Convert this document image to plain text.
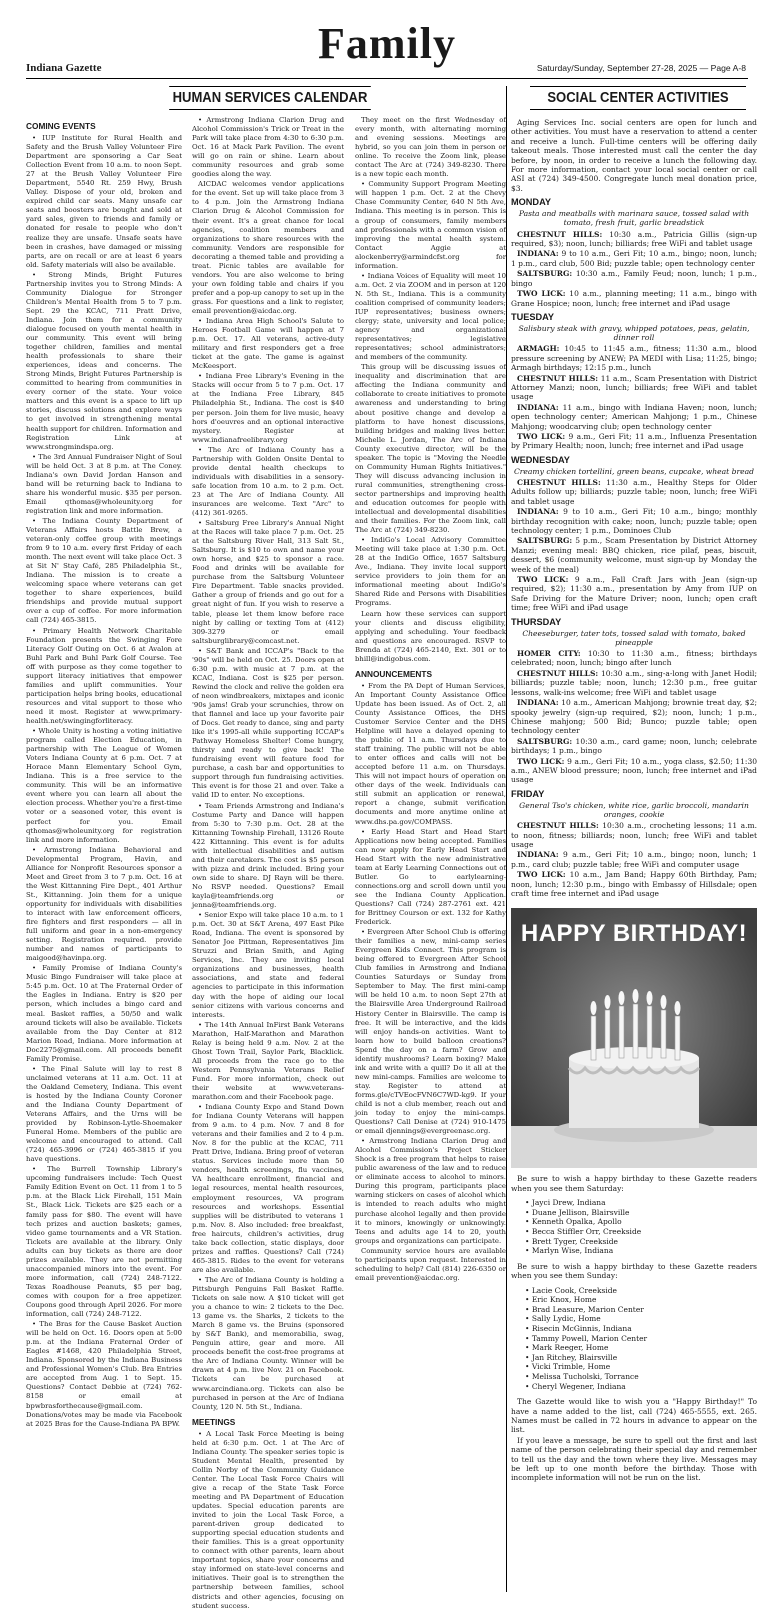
Family
Indiana Gazette	Saturday/Sunday, September 27-28, 2025 — Page A-8
HUMAN SERVICES CALENDAR	SOCIAL CENTER ACTIVITIES
COMING EVENTS

• IUP Institute for Rural Health and Safety and the Brush Valley Volunteer Fire Department are sponsoring a Car Seat Collection Event from 10 a.m. to noon Sept. 27 at the Brush Valley Volunteer Fire Department, 5540 Rt. 259 Hwy, Brush Valley. Dispose of your old, broken and expired child car seats. Many unsafe car seats and boosters are bought and sold at yard sales, given to friends and family or donated for resale to people who don't realize they are unsafe. Unsafe seats have been in crashes, have damaged or missing parts, are on recall or are at least 6 years old. Safety materials will also be available.

• Strong Minds, Bright Futures Partnership invites you to Strong Minds: A Community Dialogue for Stronger Children's Mental Health from 5 to 7 p.m. Sept. 29 the KCAC, 711 Pratt Drive, Indiana. Join them for a community dialogue focused on youth mental health in our community. This event will bring together children, families and mental health professionals to share their experiences, ideas and concerns. The Strong Minds, Bright Futures Partnership is committed to hearing from communities in every corner of the state. Your voice matters and this event is a space to lift up stories, discuss solutions and explore ways to get involved in strengthening mental health support for children. Information and Registration Link at www.strongmindspa.org.

• The 3rd Annual Fundraiser Night of Soul will be held Oct. 3 at 8 p.m. at The Coney. Indiana's own David Jordan Hanson and band will be returning back to Indiana to share his wonderful music. $35 per person. Email qthomas@wholeunity.org for registration link and more information.

• The Indiana County Department of Veterans Affairs hosts Battle Brew, a veteran-only coffee group with meetings from 9 to 10 a.m. every first Friday of each month. The next event will take place Oct. 3 at Sit N' Stay Café, 285 Philadelphia St., Indiana. The mission is to create a welcoming space where veterans can get together to share experiences, build friendships and provide mutual support over a cup of coffee. For more information call (724) 465-3815.

• Primary Health Network Charitable Foundation presents the Swinging Fore Literacy Golf Outing on Oct. 6 at Avalon at Buhl Park and Buhl Park Golf Course. Tee off with purpose as they come together to support literacy initiatives that empower families and uplift communities. Your participation helps bring books, educational resources and vital support to those who need it most. Register at www.primary-health.net/swingingforliteracy.

• Whole Unity is hosting a voting initiative program called Election Education, in partnership with The League of Women Voters Indiana County at 6 p.m. Oct. 7 at Horace Mann Elementary School Gym, Indiana. This is a free service to the community. This will be an informative event where you can learn all about the election process. Whether you're a first-time voter or a seasoned voter, this event is perfect for you. Email qthomas@wholeunity.org for registration link and more information.

• Armstrong Indiana Behavioral and Developmental Program, Havin, and Alliance for Nonprofit Resources sponsor a Meet and Greet from 3 to 7 p.m. Oct. 16 at the West Kittanning Fire Dept., 401 Arthur St., Kittanning. Join them for a unique opportunity for individuals with disabilities to interact with law enforcement officers, fire fighters and first responders — all in full uniform and gear in a non-emergency setting. Registration required. provide number and names of participants to maigood@havinpa.org.

• Family Promise of Indiana County's Music Bingo Fundraiser will take place at 5:45 p.m. Oct. 10 at The Fraternal Order of the Eagles in Indiana. Entry is $20 per person, which includes a bingo card and meal. Basket raffles, a 50/50 and walk around tickets will also be available. Tickets available from the Day Center at 812 Marion Road, Indiana. More information at Doc2275@gmail.com. All proceeds benefit Family Promise.

• The Final Salute will lay to rest 8 unclaimed veterans at 11 a.m. Oct. 11 at the Oakland Cemetery, Indiana. This event is hosted by the Indiana County Coroner and the Indiana County Department of Veterans Affairs, and the Urns will be provided by Robinson-Lytle-Shoemaker Funeral Home. Members of the public are welcome and encouraged to attend. Call (724) 465-3996 or (724) 465-3815 if you have questions.

• The Burrell Township Library's upcoming fundraisers include: Tech Quest Family Edition Event on Oct. 11 from 1 to 5 p.m. at the Black Lick Firehall, 151 Main St., Black Lick. Tickets are $25 each or a family pass for $80. The event will have tech prizes and auction baskets; games, video game tournaments and a VR Station. Tickets are available at the library. Only adults can buy tickets as there are door prizes available. They are not permitting unaccompanied minors into the event. For more information, call (724) 248-7122. Texas Roadhouse Peanuts, $5 per bag, comes with coupon for a free appetizer. Coupons good through April 2026. For more information, call (724) 248-7122.

• The Bras for the Cause Basket Auction will be held on Oct. 16. Doors open at 5:00 p.m. at the Indiana Fraternal Order of Eagles #1468, 420 Philadelphia Street, Indiana. Sponsored by the Indiana Business and Professional Women's Club. Bra Entries are accepted from Aug. 1 to Sept. 15. Questions? Contact Debbie at (724) 762-8158 or email at bpwbrasforthecause@gmail.com. Donations/votes may be made via Facebook at 2025 Bras for the Cause-Indiana PA BPW.

• Armstrong Indiana Clarion Drug and Alcohol Commission's Trick or Treat in the Park will take place from 4:30 to 6:30 p.m. Oct. 16 at Mack Park Pavilion. The event will go on rain or shine. Learn about community resources and grab some goodies along the way.

AICDAC welcomes vendor applications for the event. Set up will take place from 3 to 4 p.m. Join the Armstrong Indiana Clarion Drug & Alcohol Commission for their event. It's a great chance for local agencies, coalition members and organizations to share resources with the community. Vendors are responsible for decorating a themed table and providing a treat. Picnic tables are available for vendors. You are also welcome to bring your own folding table and chairs if you prefer and a pop-up canopy to set up in the grass. For questions and a link to register, email prevention@aicdac.org.

• Indiana Area High School's Salute to Heroes Football Game will happen at 7 p.m. Oct. 17. All veterans, active-duty military and first responders get a free ticket at the gate. The game is against McKeesport.

• Indiana Free Library's Evening in the Stacks will occur from 5 to 7 p.m. Oct. 17 at the Indiana Free Library, 845 Philadelphia St., Indiana. The cost is $40 per person. Join them for live music, heavy hors d'oeuvres and an optional interactive mystery. Register at www.indianafreelibrary.org

• The Arc of Indiana County has a Partnership with Golden Onsite Dental to provide dental health checkups to individuals with disabilities in a sensory-safe location from 10 a.m. to 2 p.m. Oct. 23 at The Arc of Indiana County. All insurances are welcome. Text "Arc" to (412) 361-9265.

• Saltsburg Free Library's Annual Night at the Races will take place 7 p.m. Oct. 25 at the Saltsburg River Hall, 313 Salt St., Saltsburg. It is $10 to own and name your own horse, and $25 to sponsor a race. Food and drinks will be available for purchase from the Saltsburg Volunteer Fire Department. Table snacks provided. Gather a group of friends and go out for a great night of fun. If you wish to reserve a table, please let them know before race night by calling or texting Tom at (412) 309-3279 or email saltsburglibrary@comcast.net.

• S&T Bank and ICCAP's "Back to the '90s" will be held on Oct. 25. Doors open at 6:30 p.m. with music at 7 p.m. at the KCAC, Indiana. Cost is $25 per person. Rewind the clock and relive the golden era of neon windbreakers, mixtapes and iconic '90s jams! Grab your scrunchies, throw on that flannel and lace up your favorite pair of Docs. Get ready to dance, sing and party like it's 1995-all while supporting ICCAP's Pathway Homeless Shelter! Come hungry, thirsty and ready to give back! The fundraising event will feature food for purchase, a cash bar and opportunities to support through fun fundraising activities. This event is for those 21 and over. Take a valid ID to enter. No exceptions.

• Team Friends Armstrong and Indiana's Costume Party and Dance will happen from 5:30 to 7:30 p.m. Oct. 28 at the Kittanning Township Firehall, 13126 Route 422 Kittanning. This event is for adults with intellectual disabilities and autism and their caretakers. The cost is $5 person with pizza and drink included. Bring your own side to share. DJ Rayn will be there. No RSVP needed. Questions? Email kayla@teamfriends.org or jenna@teamfriends.org.

• Senior Expo will take place 10 a.m. to 1 p.m. Oct. 30 at S&T Arena, 497 East Pike Road, Indiana. The event is sponsored by Senator Joe Pittman, Representatives Jim Struzzi and Brian Smith, and Aging Services, Inc. They are inviting local organizations and businesses, health associations, and state and federal agencies to participate in this information day with the hope of aiding our local senior citizens with various concerns and interests.

• The 14th Annual InFirst Bank Veterans Marathon, Half-Marathon and Marathon Relay is being held 9 a.m. Nov. 2 at the Ghost Town Trail, Saylor Park, Blacklick. All proceeds from the race go to the Western Pennsylvania Veterans Relief Fund. For more information, check out their website at www.veterans-marathon.com and their Facebook page.

• Indiana County Expo and Stand Down for Indiana County Veterans will happen from 9 a.m. to 4 p.m. Nov. 7 and 8 for veterans and their families and 2 to 4 p.m. Nov. 8 for the public at the KCAC, 711 Pratt Drive, Indiana. Bring proof of veteran status. Services include more than 50 vendors, health screenings, flu vaccines, VA healthcare enrollment, financial and legal resources, mental health resources, employment resources, VA program resources and workshops. Essential supplies will be distributed to veterans 1 p.m. Nov. 8. Also included: free breakfast, free haircuts, children's activities, drug take back collection, static displays, door prizes and raffles. Questions? Call (724) 465-3815. Rides to the event for veterans are also available.

• The Arc of Indiana County is holding a Pittsburgh Penguins Fall Basket Raffle. Tickets on sale now. A $10 ticket will get you a chance to win: 2 tickets to the Dec. 13 game vs. the Sharks, 2 tickets to the March 8 game vs. the Bruins (sponsored by S&T Bank), and memorabilia, swag, Penguin attire, gear and more. All proceeds benefit the cost-free programs at the Arc of Indiana County. Winner will be drawn at 4 p.m. live Nov. 21 on Facebook. Tickets can be purchased at www.arcindiana.org. Tickets can also be purchased in person at the Arc of Indiana County, 120 N. 5th St., Indiana.

MEETINGS

• A Local Task Force Meeting is being held at 6:30 p.m. Oct. 1 at The Arc of Indiana County. The speaker series topic is Student Mental Health, presented by Collin Norby of the Community Guidance Center. The Local Task Force Chairs will give a recap of the State Task Force meeting and PA Department of Education updates. Special education parents are invited to join the Local Task Force, a parent-driven group dedicated to supporting special education students and their families. This is a great opportunity to connect with other parents, learn about important topics, share your concerns and stay informed on state-level concerns and initiatives. Their goal is to strengthen the partnership between families, school districts and other agencies, focusing on student success.

They meet on the first Wednesday of every month, with alternating morning and evening sessions. Meetings are hybrid, so you can join them in person or online. To receive the Zoom link, please contact The Arc at (724) 349-8230. There is a new topic each month.

• Community Support Program Meeting will happen 1 p.m. Oct. 2 at the Chevy Chase Community Center, 640 N 5th Ave, Indiana. This meeting is in person. This is a group of consumers, family members and professionals with a common vision of improving the mental health system. Contact Aggie at alockenberry@armindcfst.org for information.

• Indiana Voices of Equality will meet 10 a.m. Oct. 2 via ZOOM and in person at 120 N. 5th St., Indiana. This is a community coalition comprised of community leaders; IUP representatives; business owners; clergy; state, university and local police; agency and organizational representatives; legislative representatives; school administrators; and members of the community.

This group will be discussing issues of inequality and discrimination that are affecting the Indiana community and collaborate to create initiatives to promote awareness and understanding to bring about positive change and develop a platform to have honest discussions, building bridges and making lives better. Michelle L. Jordan, The Arc of Indiana County executive director, will be the speaker. The topic is "Moving the Needle on Community Human Rights Initiatives." They will discuss advancing inclusion in rural communities, strengthening cross-sector partnerships and improving health and education outcomes for people with intellectual and developmental disabilities and their families. For the Zoom link, call The Arc at (724) 349-8230.

• IndiGo's Local Advisory Committee Meeting will take place at 1:30 p.m. Oct. 28 at the IndiGo Office, 1657 Saltsburg Ave., Indiana. They invite local support service providers to join them for an informational meeting about IndiGo's Shared Ride and Persons with Disabilities Programs.

Learn how these services can support your clients and discuss eligibility, applying and scheduling. Your feedback and questions are encouraged. RSVP to Brenda at (724) 465-2140, Ext. 301 or to bhill@indigobus.com.

ANNOUNCEMENTS

• From the PA Dept of Human Services, An Important County Assistance Office Update has been issued. As of Oct. 2, all County Assistance Offices, the DHS Customer Service Center and the DHS Helpline will have a delayed opening to the public of 11 a.m. Thursdays due to staff training. The public will not be able to enter offices and calls will not be accepted before 11 a.m. on Thursdays. This will not impact hours of operation on other days of the week. Individuals can still submit an application or renewal, report a change, submit verification documents and more anytime online at www.dhs.pa.gov/COMPASS.

• Early Head Start and Head Start Applications now being accepted. Families can now apply for Early Head Start and Head Start with the new administrative team at Early Learning Connections out of Butler. Go to earlylearning-connections.org and scroll down until you see the Indiana County Application. Questions? Call (724) 287-2761 ext. 421 for Brittney Courson or ext. 132 for Kathy Frederick.

• Evergreen After School Club is offering their families a new, mini-camp series Evergreen Kids Connect. This program is being offered to Evergreen After School Club families in Armstrong and Indiana Counties Saturdays or Sunday from September to May. The first mini-camp will be held 10 a.m. to noon Sept 27th at the Blairsville Area Underground Railroad History Center in Blairsville. The camp is free. It will be interactive, and the kids will enjoy hands-on activities. Want to learn how to build balloon creations? Spend the day on a farm? Grow and identify mushrooms? Learn boxing? Make ink and write with a quill? Do it all at the new mini-camps. Families are welcome to stay. Register to attend at forms.gle/cTVEocFVN6C7WD-kg9. If your child is not a club member, reach out and join today to enjoy the mini-camps. Questions? Call Denise at (724) 910-1475 or email djennings@evergreenasc.org.

• Armstrong Indiana Clarion Drug and Alcohol Commission's Project Sticker Shock is a free program that helps to raise public awareness of the law and to reduce or eliminate access to alcohol to minors. During this program, participants place warning stickers on cases of alcohol which is intended to reach adults who might purchase alcohol legally and then provide it to minors, knowingly or unknowingly. Teens and adults age 14 to 20, youth groups and organizations can participate.

Community service hours are available to participants upon request. Interested in scheduling to help? Call (814) 226-6350 or email prevention@aicdac.org.

Aging Services Inc. social centers are open for lunch and other activities. You must have a reservation to attend a center and receive a lunch. Full-time centers will be offering daily takeout meals. Those interested must call the center the day before, by noon, in order to receive a lunch the following day. For more information, contact your local social center or call ASI at (724) 349-4500. Congregate lunch meal donation price, $3.

MONDAY
Pasta and meatballs with marinara sauce, tossed salad with tomato, fresh fruit, garlic breadstick

CHESTNUT HILLS: 10:30 a.m., Patricia Gillis (sign-up required, $3); noon, lunch; billiards; free WiFi and tablet usage

INDIANA: 9 to 10 a.m., Geri Fit; 10 a.m., bingo; noon, lunch; 1 p.m., card club, 500 Bid; puzzle table; open technology center

SALTSBURG: 10:30 a.m., Family Feud; noon, lunch; 1 p.m., bingo

TWO LICK: 10 a.m., planning meeting; 11 a.m., bingo with Grane Hospice; noon, lunch; free internet and iPad usage

TUESDAY
Salisbury steak with gravy, whipped potatoes, peas, gelatin, dinner roll

ARMAGH: 10:45 to 11:45 a.m., fitness; 11:30 a.m., blood pressure screening by ANEW; PA MEDI with Lisa; 11:25, bingo; Armagh birthdays; 12:15 p.m., lunch

CHESTNUT HILLS: 11 a.m., Scam Presentation with District Attorney Manzi; noon, lunch; billiards; free WiFi and tablet usage

INDIANA: 11 a.m., bingo with Indiana Haven; noon, lunch; open technology center; American Mahjong; 1 p.m., Chinese Mahjong; woodcarving club; open technology center

TWO LICK: 9 a.m., Geri Fit; 11 a.m., Influenza Presentation by Primary Health; noon, lunch; free internet and iPad usage

WEDNESDAY
Creamy chicken tortellini, green beans, cupcake, wheat bread

CHESTNUT HILLS: 11:30 a.m., Healthy Steps for Older Adults follow up; billiards; puzzle table; noon, lunch; free WiFi and tablet usage

INDIANA: 9 to 10 a.m., Geri Fit; 10 a.m., bingo; monthly birthday recognition with cake; noon, lunch; puzzle table; open technology center; 1 p.m., Dominoes Club

SALTSBURG: 5 p.m., Scam Presentation by District Attorney Manzi; evening meal: BBQ chicken, rice pilaf, peas, biscuit, dessert, $6 (community welcome, must sign-up by Monday the week of the meal)

TWO LICK: 9 a.m., Fall Craft Jars with Jean (sign-up required, $2); 11:30 a.m., presentation by Amy from IUP on Safe Driving for the Mature Driver; noon, lunch; open craft time; free WiFi and iPad usage

THURSDAY
Cheeseburger, tater tots, tossed salad with tomato, baked pineapple

HOMER CITY: 10:30 to 11:30 a.m., fitness; birthdays celebrated; noon, lunch; bingo after lunch

CHESTNUT HILLS: 10:30 a.m., sing-a-long with Janet Hodil; billiards; puzzle table; noon, lunch; 12:30 p.m., free guitar lessons, walk-ins welcome; free WiFi and tablet usage

INDIANA: 10 a.m., American Mahjong; brownie treat day, $2; spooky jewelry (sign-up required, $2); noon, lunch; 1 p.m., Chinese mahjong; 500 Bid; Bunco; puzzle table; open technology center

SALTSBURG: 10:30 a.m., card game; noon, lunch; celebrate birthdays; 1 p.m., bingo

TWO LICK: 9 a.m., Geri Fit; 10 a.m., yoga class, $2.50; 11:30 a.m., ANEW blood pressure; noon, lunch; free internet and iPad usage

FRIDAY
General Tso's chicken, white rice, garlic broccoli, mandarin oranges, cookie

CHESTNUT HILLS: 10:30 a.m., crocheting lessons; 11 a.m. to noon, fitness; billiards; noon, lunch; free WiFi and tablet usage

INDIANA: 9 a.m., Geri Fit; 10 a.m., bingo; noon, lunch; 1 p.m., card club; puzzle table; free WiFi and computer usage

TWO LICK: 10 a.m., Jam Band; Happy 60th Birthday, Pam; noon, lunch; 12:30 p.m., bingo with Embassy of Hillsdale; open craft time free internet and iPad usage

HAPPY BIRTHDAY!

Be sure to wish a happy birthday to these Gazette readers when you see them Saturday:

• Jayci Drew, Indiana
• Duane Jellison, Blairsville
• Kenneth Opalka, Apollo
• Becca Stiffler Orr, Creekside
• Brett Tyger, Creekside
• Marlyn Wise, Indiana

Be sure to wish a happy birthday to these Gazette readers when you see them Sunday:

• Lacie Cook, Creekside
• Eric Knox, Home
• Brad Leasure, Marion Center
• Sally Lydic, Home
• Risecin McGinnis, Indiana
• Tammy Powell, Marion Center
• Mark Reeger, Home
• Jan Ritchey, Blairsville
• Vicki Trimble, Home
• Melissa Tucholski, Torrance
• Cheryl Wegener, Indiana

The Gazette would like to wish you a "Happy Birthday!" To have a name added to the list, call (724) 465-5555, ext. 265. Names must be called in 72 hours in advance to appear on the list.

If you leave a message, be sure to spell out the first and last name of the person celebrating their special day and remember to tell us the day and the town where they live. Messages may be left up to one month before the birthday. Those with incomplete information will not be run on the list.
